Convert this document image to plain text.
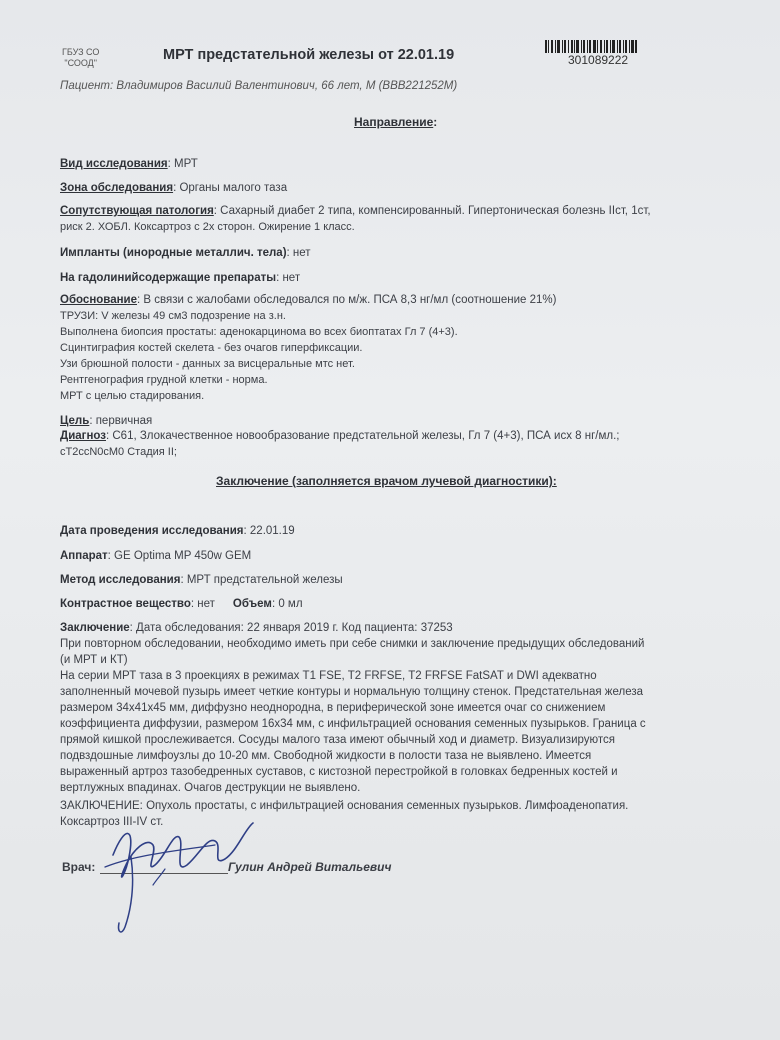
ГБУЗ СО
"СООД"	МРТ предстательной железы от 22.01.19	301089222
Пациент: Владимиров Василий Валентинович, 66 лет, М (ВВВ221252М)
Направление:
Вид исследования: МРТ
Зона обследования: Органы малого таза
Сопутствующая патология: Сахарный диабет 2 типа, компенсированный. Гипертоническая болезнь IIст, 1ст,
риск 2. ХОБЛ. Коксартроз с 2х сторон. Ожирение 1 класс.
Импланты (инородные металлич. тела): нет
На гадолинийсодержащие препараты: нет
Обоснование: В связи с жалобами обследовался по м/ж. ПСА 8,3 нг/мл (соотношение 21%)
ТРУЗИ: V железы 49 см3 подозрение на з.н.
Выполнена биопсия простаты: аденокарцинома во всех биоптатах Гл 7 (4+3).
Сцинтиграфия костей скелета - без очагов гиперфиксации.
Узи брюшной полости - данных за висцеральные мтс нет.
Рентгенография грудной клетки - норма.
МРТ с целью стадирования.
Цель: первичная
Диагноз: C61, Злокачественное новообразование предстательной железы, Гл 7 (4+3), ПСА исх 8 нг/мл.;
сТ2ссN0cM0 Стадия II;
Заключение (заполняется врачом лучевой диагностики):
Дата проведения исследования: 22.01.19
Аппарат: GE Optima MP 450w GEM
Метод исследования: МРТ предстательной железы
Контрастное вещество: нет Объем: 0 мл
Заключение: Дата обследования: 22 января 2019 г. Код пациента: 37253
При повторном обследовании, необходимо иметь при себе снимки и заключение предыдущих обследований
(и МРТ и КТ)
На серии МРТ таза в 3 проекциях в режимах T1 FSE, T2 FRFSE, T2 FRFSE FatSAT и DWI адекватно
заполненный мочевой пузырь имеет четкие контуры и нормальную толщину стенок. Предстательная железа
размером 34х41х45 мм, диффузно неоднородна, в периферической зоне имеется очаг со снижением
коэффициента диффузии, размером 16х34 мм, с инфильтрацией основания семенных пузырьков. Граница с
прямой кишкой прослеживается. Сосуды малого таза имеют обычный ход и диаметр. Визуализируются
подвздошные лимфоузлы до 10-20 мм. Свободной жидкости в полости таза не выявлено. Имеется
выраженный артроз тазобедренных суставов, с кистозной перестройкой в головках бедренных костей и
вертлужных впадинах. Очагов деструкции не выявлено.
ЗАКЛЮЧЕНИЕ: Опухоль простаты, с инфильтрацией основания семенных пузырьков. Лимфоаденопатия.
Коксартроз III-IV ст.
Врач:	Гулин Андрей Витальевич
